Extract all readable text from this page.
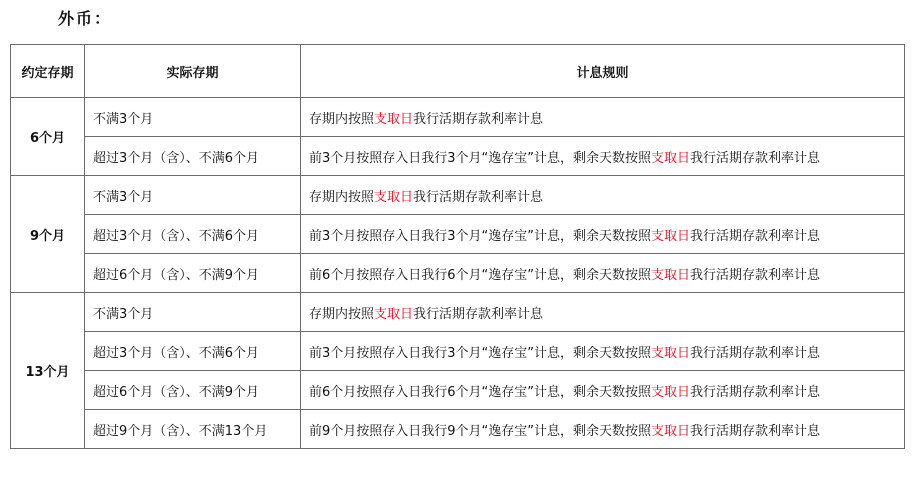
外币：
约定存期	实际存期	计息规则
6个月	不满3个月	存期内按照支取日我行活期存款利率计息
	超过3个月（含）、不满6个月	前3个月按照存入日我行3个月“逸存宝”计息，剩余天数按照支取日我行活期存款利率计息
9个月	不满3个月	存期内按照支取日我行活期存款利率计息
	超过3个月（含）、不满6个月	前3个月按照存入日我行3个月“逸存宝”计息，剩余天数按照支取日我行活期存款利率计息
	超过6个月（含）、不满9个月	前6个月按照存入日我行6个月“逸存宝”计息，剩余天数按照支取日我行活期存款利率计息
13个月	不满3个月	存期内按照支取日我行活期存款利率计息
	超过3个月（含）、不满6个月	前3个月按照存入日我行3个月“逸存宝”计息，剩余天数按照支取日我行活期存款利率计息
	超过6个月（含）、不满9个月	前6个月按照存入日我行6个月“逸存宝”计息，剩余天数按照支取日我行活期存款利率计息
	超过9个月（含）、不满13个月	前9个月按照存入日我行9个月“逸存宝”计息，剩余天数按照支取日我行活期存款利率计息
